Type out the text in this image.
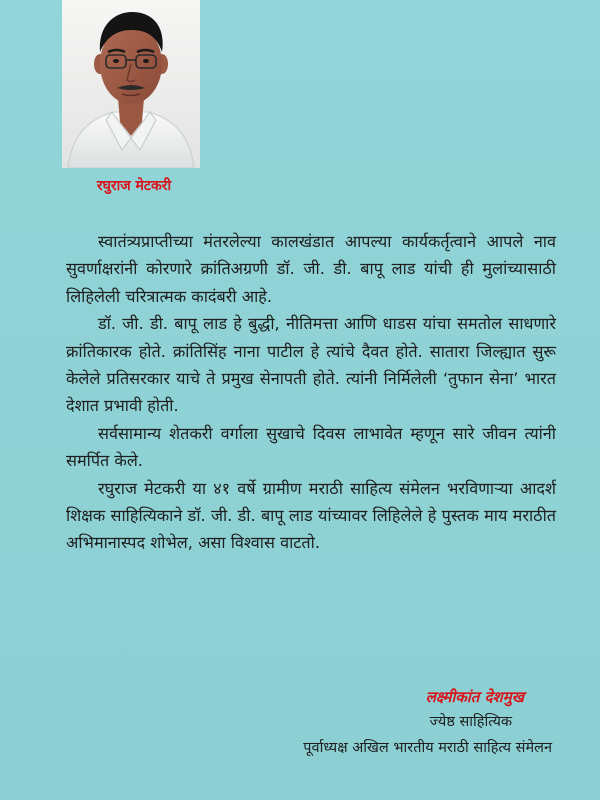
रघुराज मेटकरी

स्वातंत्र्यप्राप्तीच्या मंतरलेल्या कालखंडात आपल्या कार्यकर्तृत्वाने आपले नाव सुवर्णाक्षरांनी कोरणारे क्रांतिअग्रणी डॉ. जी. डी. बापू लाड यांची ही मुलांच्यासाठी लिहिलेली चरित्रात्मक कादंबरी आहे.

डॉ. जी. डी. बापू लाड हे बुद्धी, नीतिमत्ता आणि धाडस यांचा समतोल साधणारे क्रांतिकारक होते. क्रांतिसिंह नाना पाटील हे त्यांचे दैवत होते. सातारा जिल्ह्यात सुरू केलेले प्रतिसरकार याचे ते प्रमुख सेनापती होते. त्यांनी निर्मिलेली ‘तुफान सेना’ भारत देशात प्रभावी होती.

सर्वसामान्य शेतकरी वर्गाला सुखाचे दिवस लाभावेत म्हणून सारे जीवन त्यांनी समर्पित केले.

रघुराज मेटकरी या ४१ वर्षे ग्रामीण मराठी साहित्य संमेलन भरविणाऱ्या आदर्श शिक्षक साहित्यिकाने डॉ. जी. डी. बापू लाड यांच्यावर लिहिलेले हे पुस्तक माय मराठीत अभिमानास्पद शोभेल, असा विश्वास वाटतो.

लक्ष्मीकांत देशमुख
ज्येष्ठ साहित्यिक
पूर्वाध्यक्ष अखिल भारतीय मराठी साहित्य संमेलन
